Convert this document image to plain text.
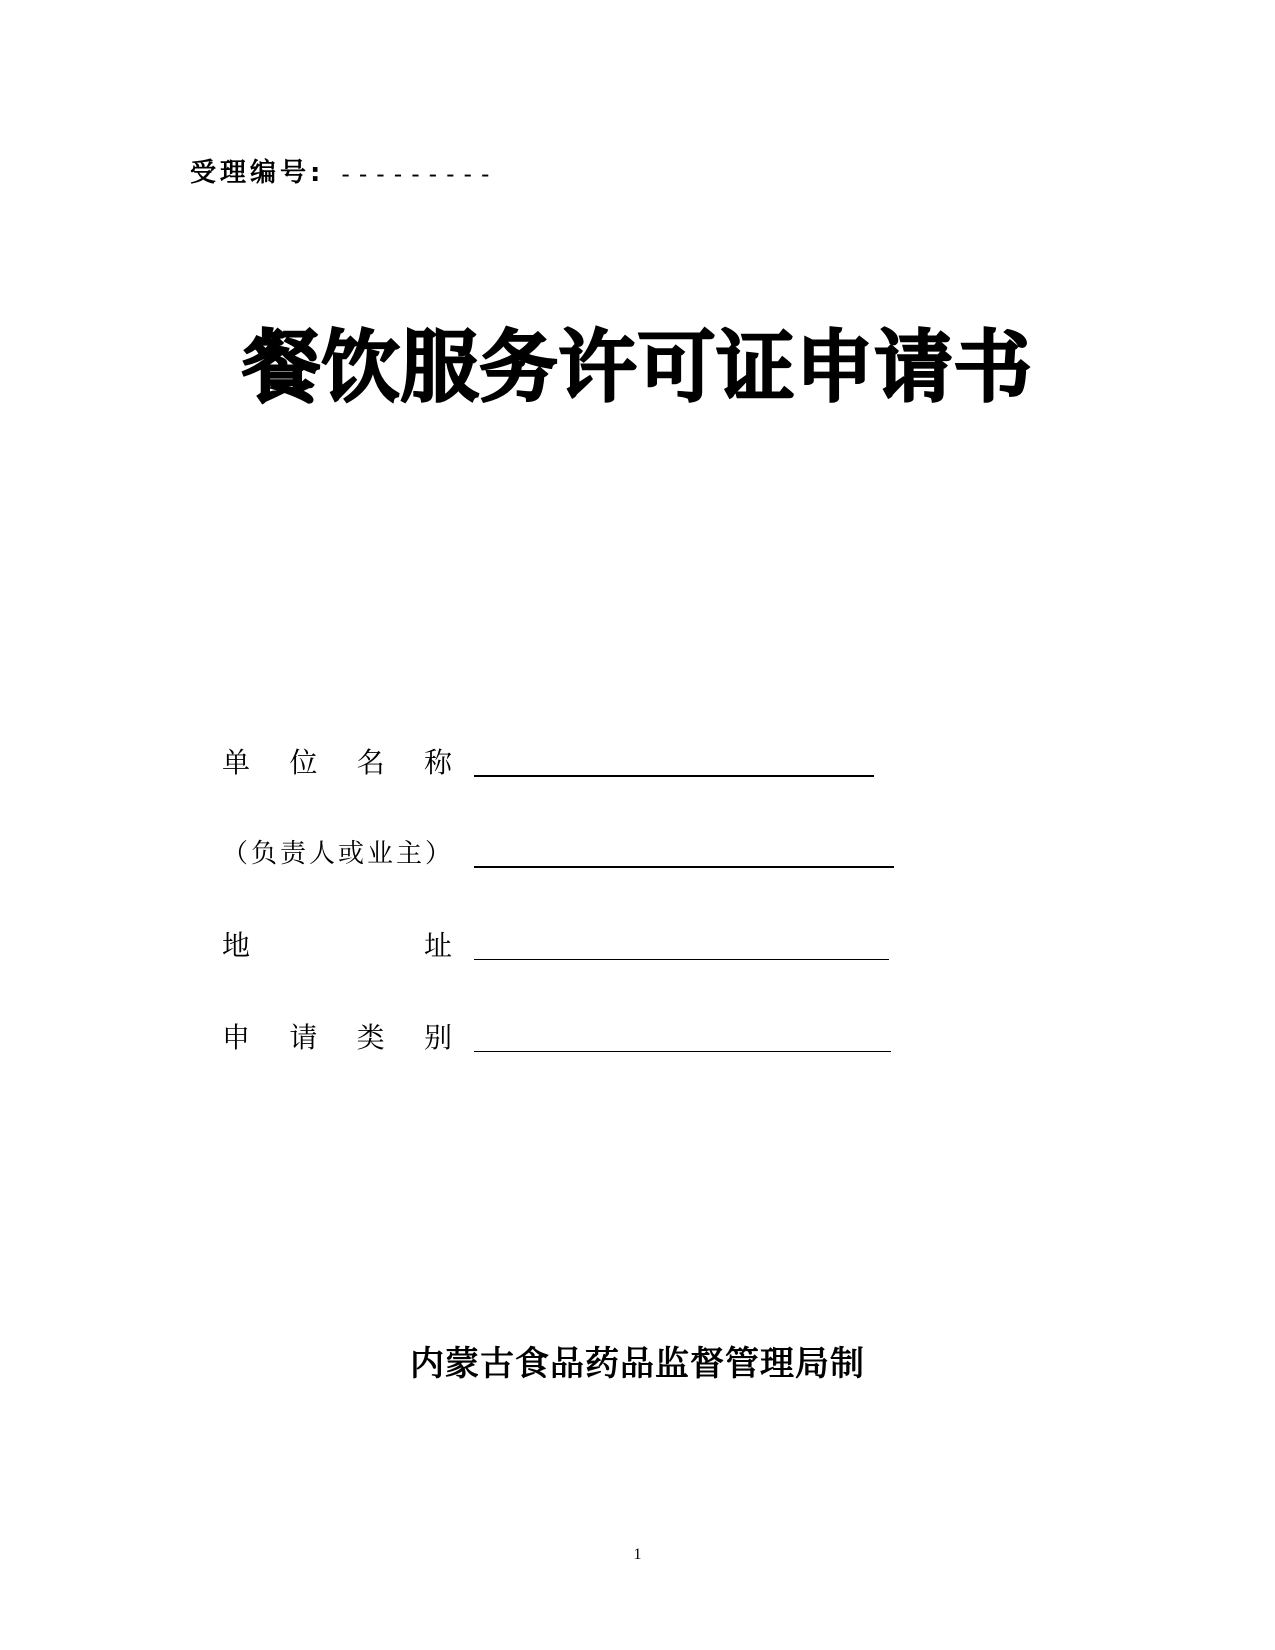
受理编号: ---------
餐饮服务许可证申请书
单 位 名 称
（负责人或业主）
地	址
申 请 类 别
内蒙古食品药品监督管理局制
1
